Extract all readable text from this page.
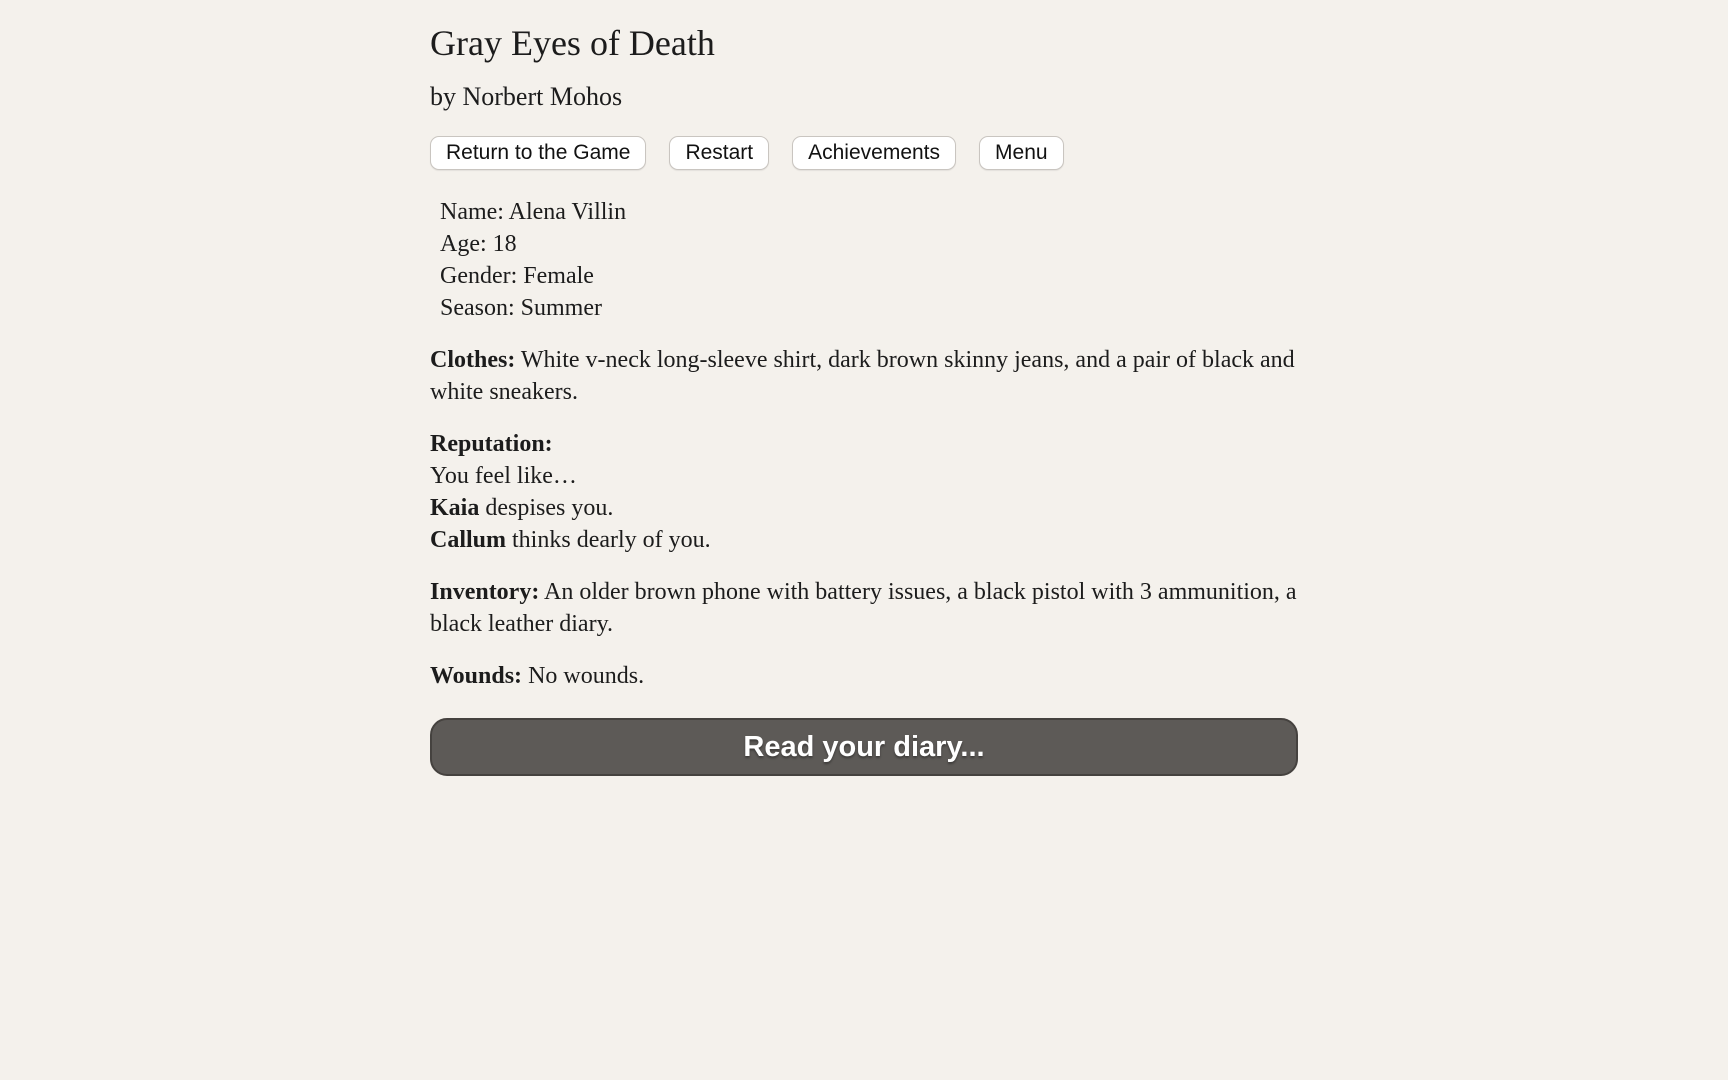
Gray Eyes of Death
by Norbert Mohos
Return to the Game	Restart	Achievements	Menu
Name: Alena Villin
Age: 18
Gender: Female
Season: Summer

Clothes: White v-neck long-sleeve shirt, dark brown skinny jeans, and a pair of black and white sneakers.

Reputation:
You feel like…
Kaia despises you.
Callum thinks dearly of you.

Inventory: An older brown phone with battery issues, a black pistol with 3 ammunition, a black leather diary.

Wounds: No wounds.

Read your diary...
